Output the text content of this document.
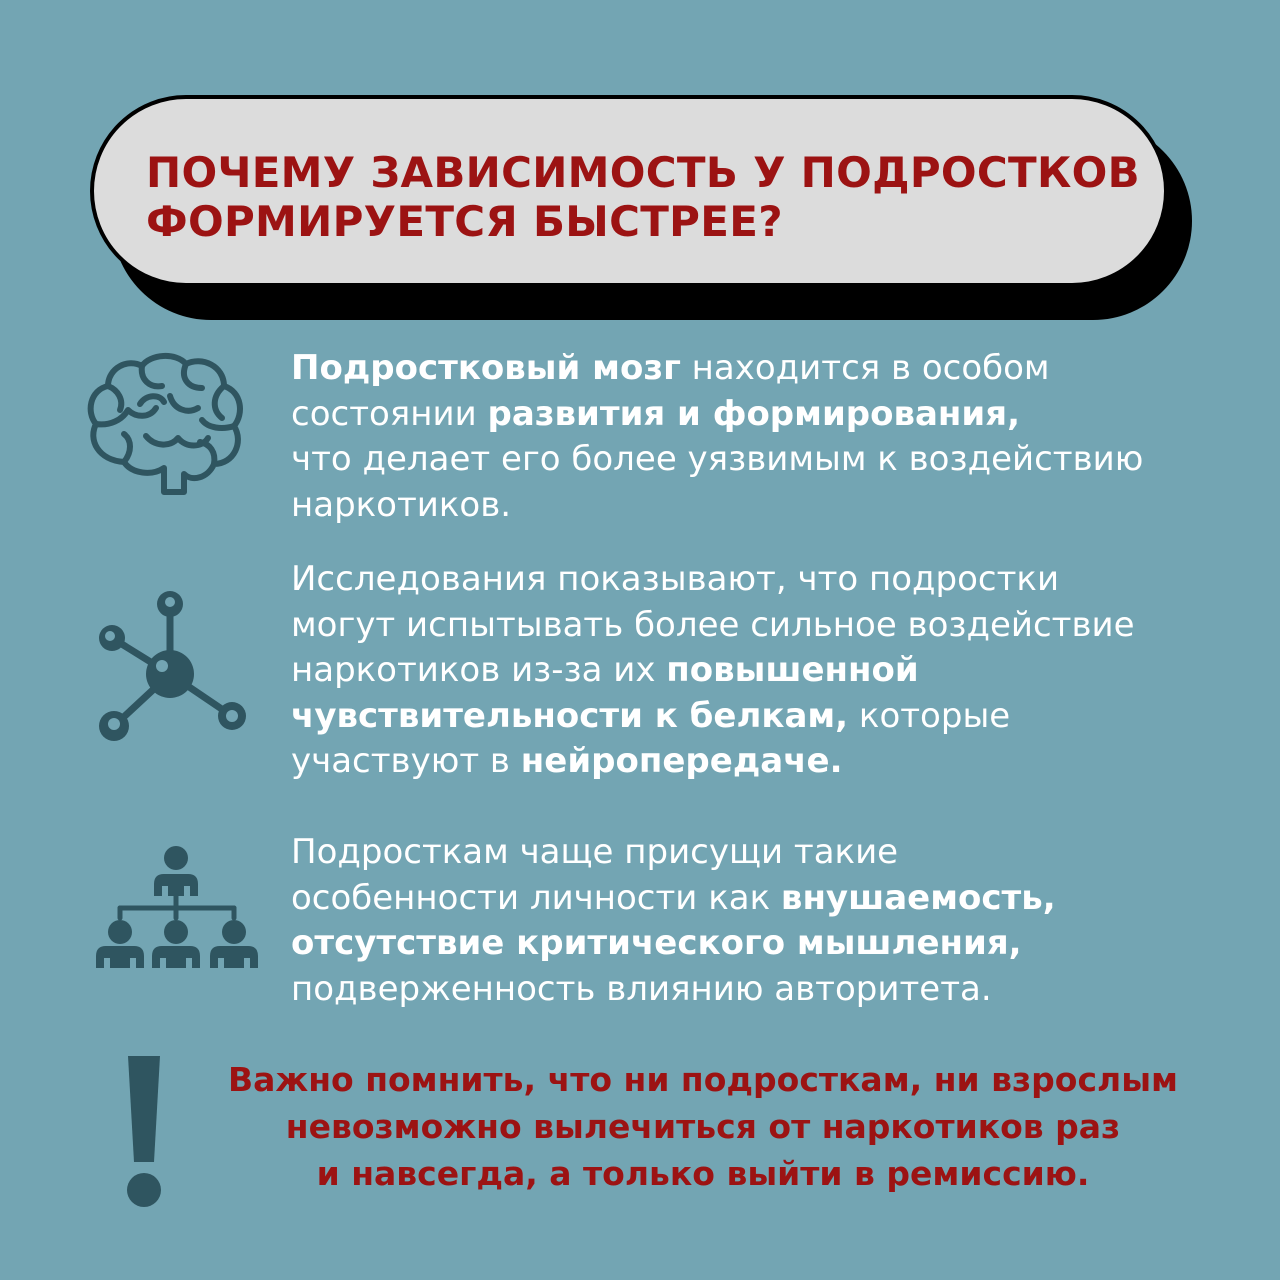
ПОЧЕМУ ЗАВИСИМОСТЬ У ПОДРОСТКОВ
ФОРМИРУЕТСЯ БЫСТРЕЕ?

Подростковый мозг находится в особом
состоянии развития и формирования,
что делает его более уязвимым к воздействию
наркотиков.

Исследования показывают, что подростки
могут испытывать более сильное воздействие
наркотиков из-за их повышенной
чувствительности к белкам, которые
участвуют в нейропередаче.

Подросткам чаще присущи такие
особенности личности как внушаемость,
отсутствие критического мышления,
подверженность влиянию авторитета.

Важно помнить, что ни подросткам, ни взрослым
невозможно вылечиться от наркотиков раз
и навсегда, а только выйти в ремиссию.
